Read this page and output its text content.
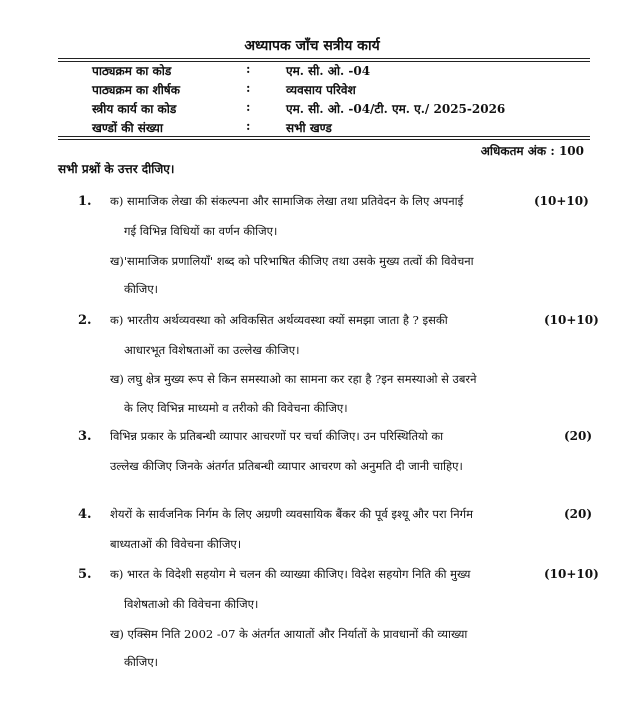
अध्यापक जाँच सत्रीय कार्य
पाठ्यक्रम का कोड	:	एम. सी. ओ. -04
पाठ्यक्रम का शीर्षक	:	व्यवसाय परिवेश
स्त्रीय कार्य का कोड	:	एम. सी. ओ. -04/टी. एम. ए./ 2025-2026
खण्डों की संख्या	:	सभी खण्ड
अधिकतम अंक : 100
सभी प्रश्नों के उत्तर दीजिए।
1. क) सामाजिक लेखा की संकल्पना और सामाजिक लेखा तथा प्रतिवेदन के लिए अपनाई	(10+10)
गई विभिन्न विधियों का वर्णन कीजिए।
ख)'सामाजिक प्रणालियाँ' शब्द को परिभाषित कीजिए तथा उसके मुख्य तत्वों की विवेचना
कीजिए।
2. क) भारतीय अर्थव्यवस्था को अविकसित अर्थव्यवस्था क्यों समझा जाता है ? इसकी	(10+10)
आधारभूत विशेषताओं का उल्लेख कीजिए।
ख) लघु क्षेत्र मुख्य रूप से किन समस्याओ का सामना कर रहा है ?इन समस्याओ से उबरने
के लिए विभिन्न माध्यमो व तरीको की विवेचना कीजिए।
3. विभिन्न प्रकार के प्रतिबन्धी व्यापार आचरणों पर चर्चा कीजिए। उन परिस्थितियो का	(20)
उल्लेख कीजिए जिनके अंतर्गत प्रतिबन्धी व्यापार आचरण को अनुमति दी जानी चाहिए।
4. शेयरों के सार्वजनिक निर्गम के लिए अग्रणी व्यवसायिक बैंकर की पूर्व इश्यू और परा निर्गम	(20)
बाध्यताओं की विवेचना कीजिए।
5. क) भारत के विदेशी सहयोग मे चलन की व्याख्या कीजिए। विदेश सहयोग निति की मुख्य	(10+10)
विशेषताओ की विवेचना कीजिए।
ख) एक्सिम निति 2002 -07 के अंतर्गत आयातों और निर्यातों के प्रावधानों की व्याख्या
कीजिए।
